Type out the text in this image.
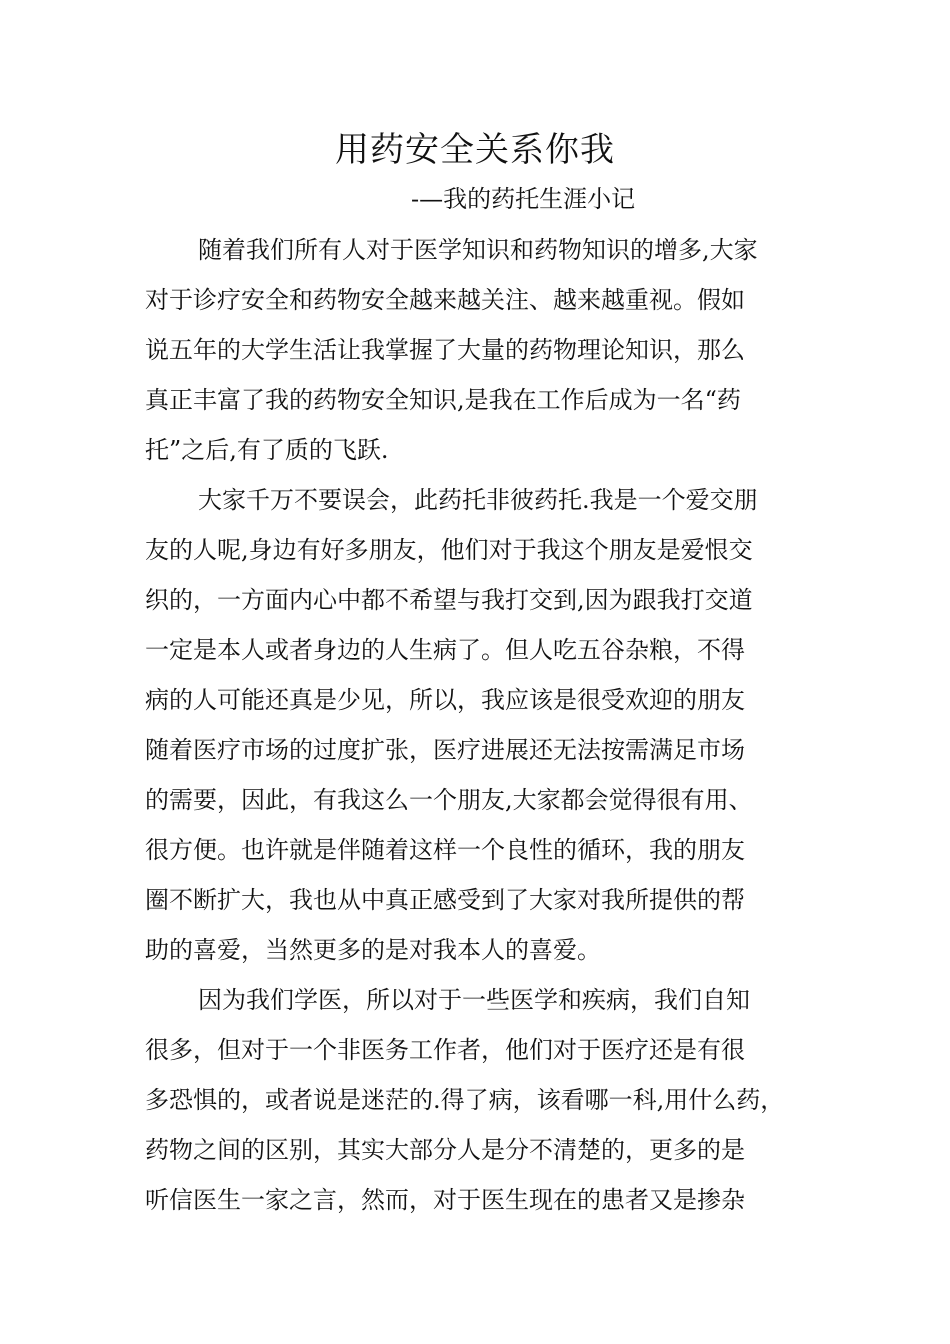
用药安全关系你我
-—我的药托生涯小记
随着我们所有人对于医学知识和药物知识的增多,大家
对于诊疗安全和药物安全越来越关注、越来越重视。假如
说五年的大学生活让我掌握了大量的药物理论知识，那么
真正丰富了我的药物安全知识,是我在工作后成为一名“药
托”之后,有了质的飞跃.
大家千万不要误会，此药托非彼药托.我是一个爱交朋
友的人呢,身边有好多朋友，他们对于我这个朋友是爱恨交
织的，一方面内心中都不希望与我打交到,因为跟我打交道
一定是本人或者身边的人生病了。但人吃五谷杂粮，不得
病的人可能还真是少见，所以，我应该是很受欢迎的朋友
随着医疗市场的过度扩张，医疗进展还无法按需满足市场
的需要，因此，有我这么一个朋友,大家都会觉得很有用、
很方便。也许就是伴随着这样一个良性的循环，我的朋友
圈不断扩大，我也从中真正感受到了大家对我所提供的帮
助的喜爱，当然更多的是对我本人的喜爱。
因为我们学医，所以对于一些医学和疾病，我们自知
很多，但对于一个非医务工作者，他们对于医疗还是有很
多恐惧的，或者说是迷茫的.得了病，该看哪一科,用什么药，
药物之间的区别，其实大部分人是分不清楚的，更多的是
听信医生一家之言，然而，对于医生现在的患者又是掺杂
